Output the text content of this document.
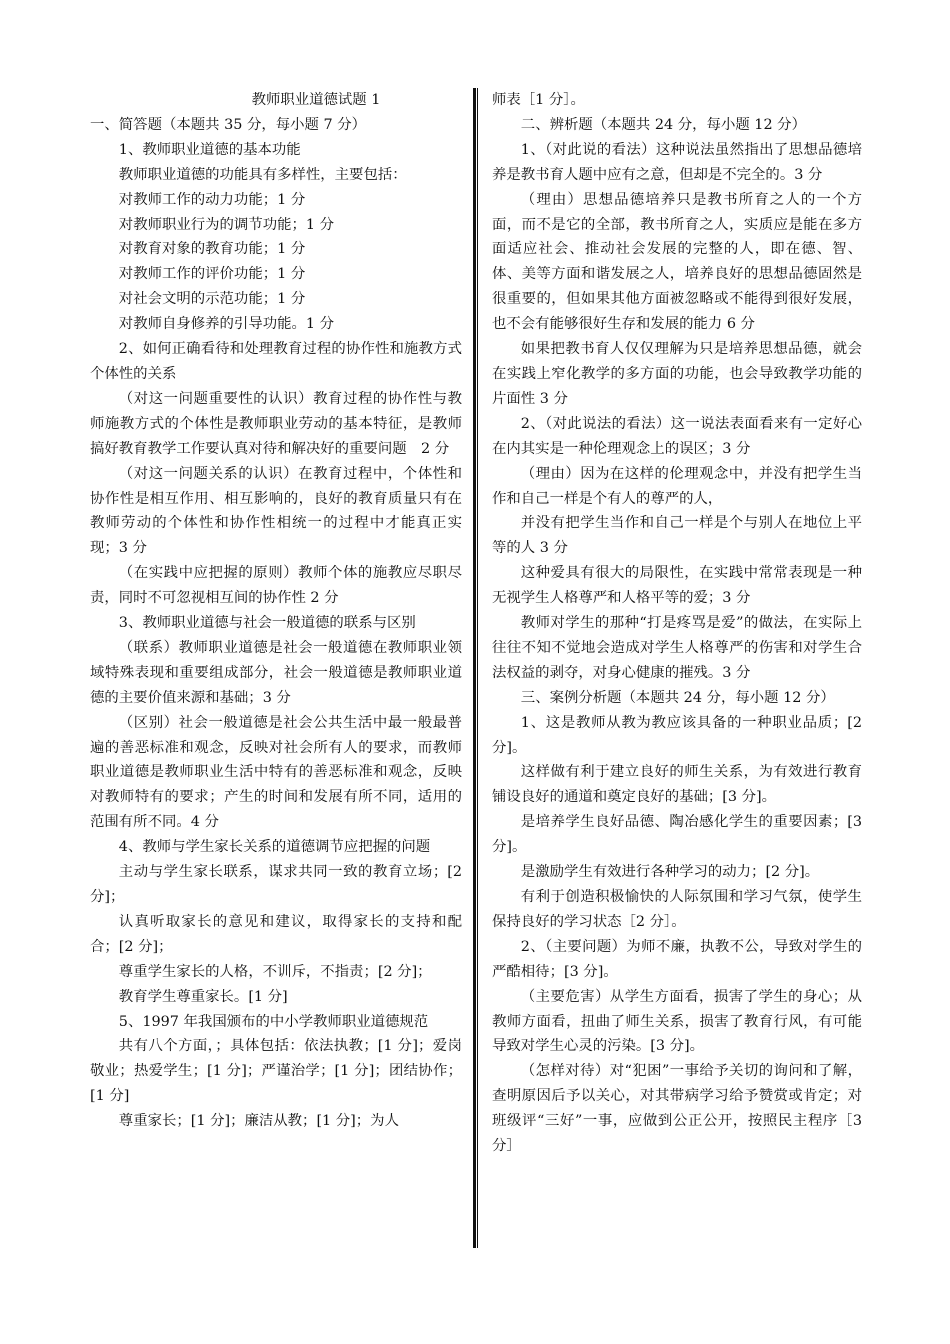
教师职业道德试题 1

一、简答题（本题共 35 分，每小题 7 分）

1、教师职业道德的基本功能

教师职业道德的功能具有多样性，主要包括：

对教师工作的动力功能；1 分

对教师职业行为的调节功能；1 分

对教育对象的教育功能；1 分

对教师工作的评价功能；1 分

对社会文明的示范功能；1 分

对教师自身修养的引导功能。1 分

2、如何正确看待和处理教育过程的协作性和施教方式个体性的关系

（对这一问题重要性的认识）教育过程的协作性与教师施教方式的个体性是教师职业劳动的基本特征，是教师搞好教育教学工作要认真对待和解决好的重要问题　2 分

（对这一问题关系的认识）在教育过程中，个体性和协作性是相互作用、相互影响的，良好的教育质量只有在教师劳动的个体性和协作性相统一的过程中才能真正实现；3 分

（在实践中应把握的原则）教师个体的施教应尽职尽责，同时不可忽视相互间的协作性 2 分

3、教师职业道德与社会一般道德的联系与区别

（联系）教师职业道德是社会一般道德在教师职业领域特殊表现和重要组成部分，社会一般道德是教师职业道德的主要价值来源和基础；3 分

（区别）社会一般道德是社会公共生活中最一般最普遍的善恶标准和观念，反映对社会所有人的要求，而教师职业道德是教师职业生活中特有的善恶标准和观念，反映对教师特有的要求；产生的时间和发展有所不同，适用的范围有所不同。4 分

4、教师与学生家长关系的道德调节应把握的问题

主动与学生家长联系，谋求共同一致的教育立场；[2 分]；

认真听取家长的意见和建议，取得家长的支持和配合；[2 分]；

尊重学生家长的人格，不训斥，不指责；[2 分]；

教育学生尊重家长。[1 分]

5、1997 年我国颁布的中小学教师职业道德规范

共有八个方面，；具体包括：依法执教；[1 分]；爱岗敬业；热爱学生；[1 分]；严谨治学；[1 分]；团结协作；[1 分]

尊重家长；[1 分]；廉洁从教；[1 分]；为人

师表［1 分］。

二、辨析题（本题共 24 分，每小题 12 分）

1、（对此说的看法）这种说法虽然指出了思想品德培养是教书育人题中应有之意，但却是不完全的。3 分

（理由）思想品德培养只是教书所育之人的一个方面，而不是它的全部，教书所育之人，实质应是能在多方面适应社会、推动社会发展的完整的人，即在德、智、体、美等方面和谐发展之人，培养良好的思想品德固然是很重要的，但如果其他方面被忽略或不能得到很好发展，也不会有能够很好生存和发展的能力 6 分

如果把教书育人仅仅理解为只是培养思想品德，就会在实践上窄化教学的多方面的功能，也会导致教学功能的片面性 3 分

2、（对此说法的看法）这一说法表面看来有一定好心在内其实是一种伦理观念上的误区；3 分

（理由）因为在这样的伦理观念中，并没有把学生当作和自己一样是个有人的尊严的人，

并没有把学生当作和自己一样是个与别人在地位上平等的人 3 分

这种爱具有很大的局限性，在实践中常常表现是一种无视学生人格尊严和人格平等的爱；3 分

教师对学生的那种“打是疼骂是爱”的做法，在实际上往往不知不觉地会造成对学生人格尊严的伤害和对学生合法权益的剥夺，对身心健康的摧残。3 分

三、案例分析题（本题共 24 分，每小题 12 分）

1、这是教师从教为教应该具备的一种职业品质；[2 分]。

这样做有利于建立良好的师生关系，为有效进行教育铺设良好的通道和奠定良好的基础；[3 分]。

是培养学生良好品德、陶冶感化学生的重要因素；[3 分]。

是激励学生有效进行各种学习的动力；[2 分]。

有利于创造积极愉快的人际氛围和学习气氛，使学生保持良好的学习状态［2 分］。

2、（主要问题）为师不廉，执教不公，导致对学生的严酷相待；[3 分]。

（主要危害）从学生方面看，损害了学生的身心；从教师方面看，扭曲了师生关系，损害了教育行风，有可能导致对学生心灵的污染。[3 分]。

（怎样对待）对“犯困”一事给予关切的询问和了解，查明原因后予以关心，对其带病学习给予赞赏或肯定；对班级评“三好”一事，应做到公正公开，按照民主程序［3 分］
